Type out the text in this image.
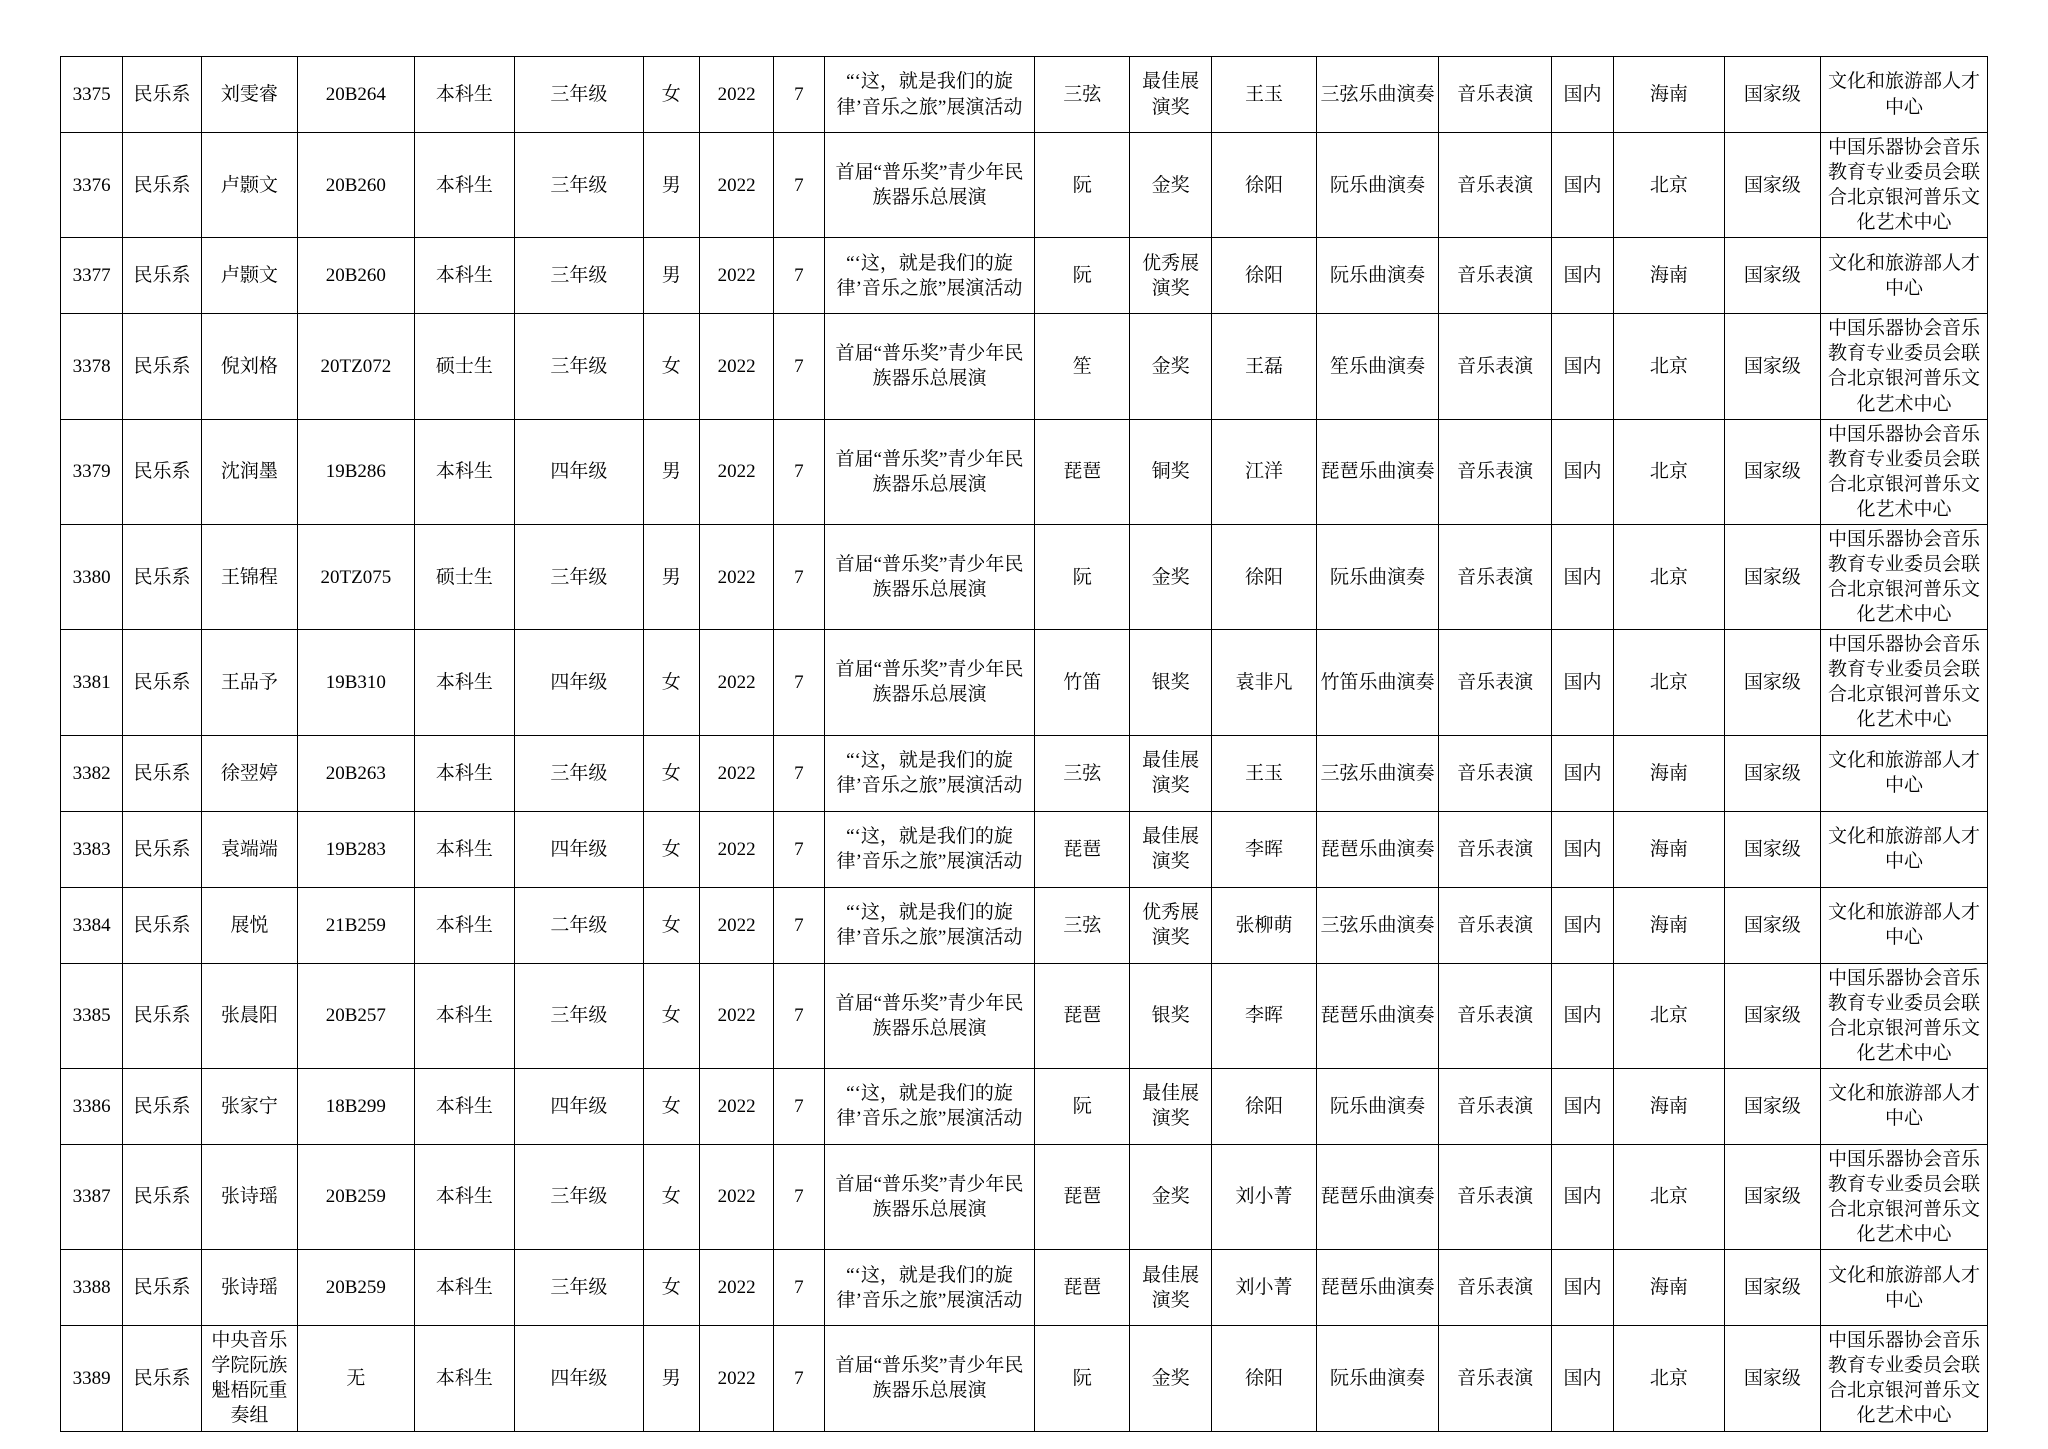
3375	民乐系	刘雯睿	20B264	本科生	三年级	女	2022	7	“‘这，就是我们的旋律’音乐之旅”展演活动	三弦	最佳展演奖	王玉	三弦乐曲演奏	音乐表演	国内	海南	国家级	文化和旅游部人才中心
3376	民乐系	卢颢文	20B260	本科生	三年级	男	2022	7	首届“普乐奖”青少年民族器乐总展演	阮	金奖	徐阳	阮乐曲演奏	音乐表演	国内	北京	国家级	中国乐器协会音乐教育专业委员会联合北京银河普乐文化艺术中心
3377	民乐系	卢颢文	20B260	本科生	三年级	男	2022	7	“‘这，就是我们的旋律’音乐之旅”展演活动	阮	优秀展演奖	徐阳	阮乐曲演奏	音乐表演	国内	海南	国家级	文化和旅游部人才中心
3378	民乐系	倪刘格	20TZ072	硕士生	三年级	女	2022	7	首届“普乐奖”青少年民族器乐总展演	笙	金奖	王磊	笙乐曲演奏	音乐表演	国内	北京	国家级	中国乐器协会音乐教育专业委员会联合北京银河普乐文化艺术中心
3379	民乐系	沈润墨	19B286	本科生	四年级	男	2022	7	首届“普乐奖”青少年民族器乐总展演	琵琶	铜奖	江洋	琵琶乐曲演奏	音乐表演	国内	北京	国家级	中国乐器协会音乐教育专业委员会联合北京银河普乐文化艺术中心
3380	民乐系	王锦程	20TZ075	硕士生	三年级	男	2022	7	首届“普乐奖”青少年民族器乐总展演	阮	金奖	徐阳	阮乐曲演奏	音乐表演	国内	北京	国家级	中国乐器协会音乐教育专业委员会联合北京银河普乐文化艺术中心
3381	民乐系	王品予	19B310	本科生	四年级	女	2022	7	首届“普乐奖”青少年民族器乐总展演	竹笛	银奖	袁非凡	竹笛乐曲演奏	音乐表演	国内	北京	国家级	中国乐器协会音乐教育专业委员会联合北京银河普乐文化艺术中心
3382	民乐系	徐翌婷	20B263	本科生	三年级	女	2022	7	“‘这，就是我们的旋律’音乐之旅”展演活动	三弦	最佳展演奖	王玉	三弦乐曲演奏	音乐表演	国内	海南	国家级	文化和旅游部人才中心
3383	民乐系	袁端端	19B283	本科生	四年级	女	2022	7	“‘这，就是我们的旋律’音乐之旅”展演活动	琵琶	最佳展演奖	李晖	琵琶乐曲演奏	音乐表演	国内	海南	国家级	文化和旅游部人才中心
3384	民乐系	展悦	21B259	本科生	二年级	女	2022	7	“‘这，就是我们的旋律’音乐之旅”展演活动	三弦	优秀展演奖	张柳萌	三弦乐曲演奏	音乐表演	国内	海南	国家级	文化和旅游部人才中心
3385	民乐系	张晨阳	20B257	本科生	三年级	女	2022	7	首届“普乐奖”青少年民族器乐总展演	琵琶	银奖	李晖	琵琶乐曲演奏	音乐表演	国内	北京	国家级	中国乐器协会音乐教育专业委员会联合北京银河普乐文化艺术中心
3386	民乐系	张家宁	18B299	本科生	四年级	女	2022	7	“‘这，就是我们的旋律’音乐之旅”展演活动	阮	最佳展演奖	徐阳	阮乐曲演奏	音乐表演	国内	海南	国家级	文化和旅游部人才中心
3387	民乐系	张诗瑶	20B259	本科生	三年级	女	2022	7	首届“普乐奖”青少年民族器乐总展演	琵琶	金奖	刘小菁	琵琶乐曲演奏	音乐表演	国内	北京	国家级	中国乐器协会音乐教育专业委员会联合北京银河普乐文化艺术中心
3388	民乐系	张诗瑶	20B259	本科生	三年级	女	2022	7	“‘这，就是我们的旋律’音乐之旅”展演活动	琵琶	最佳展演奖	刘小菁	琵琶乐曲演奏	音乐表演	国内	海南	国家级	文化和旅游部人才中心
3389	民乐系	中央音乐学院阮族魁梧阮重奏组	无	本科生	四年级	男	2022	7	首届“普乐奖”青少年民族器乐总展演	阮	金奖	徐阳	阮乐曲演奏	音乐表演	国内	北京	国家级	中国乐器协会音乐教育专业委员会联合北京银河普乐文化艺术中心
